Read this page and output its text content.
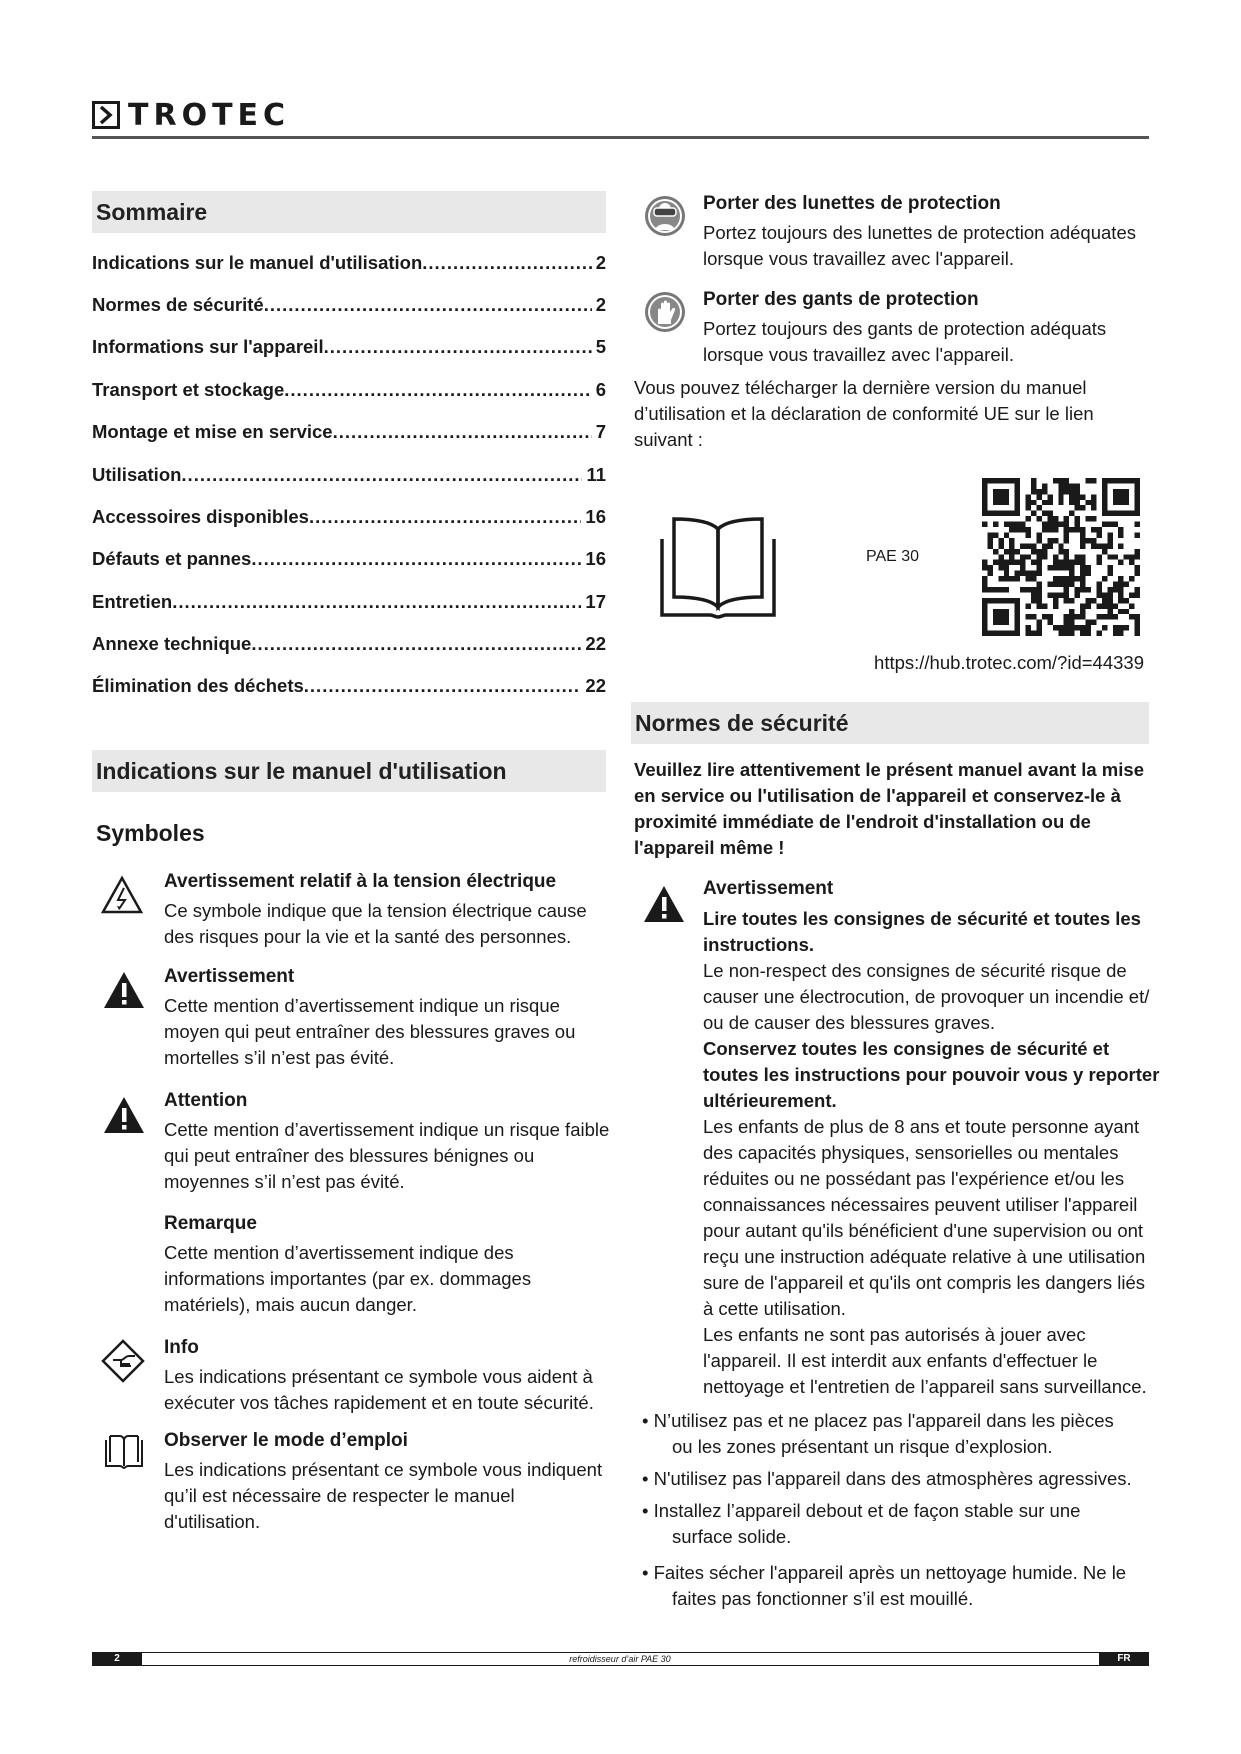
TROTEC
Sommaire
Indications sur le manuel d'utilisation .....	2
Normes de sécurité .....	2
Informations sur l'appareil .....	5
Transport et stockage .....	6
Montage et mise en service .....	7
Utilisation .....	11
Accessoires disponibles .....	16
Défauts et pannes .....	16
Entretien .....	17
Annexe technique .....	22
Élimination des déchets .....	22
Indications sur le manuel d'utilisation
Symboles
Avertissement relatif à la tension électrique
Ce symbole indique que la tension électrique cause
des risques pour la vie et la santé des personnes.
Avertissement
Cette mention d’avertissement indique un risque
moyen qui peut entraîner des blessures graves ou
mortelles s’il n’est pas évité.
Attention
Cette mention d’avertissement indique un risque faible
qui peut entraîner des blessures bénignes ou
moyennes s’il n’est pas évité.
Remarque
Cette mention d’avertissement indique des
informations importantes (par ex. dommages
matériels), mais aucun danger.
Info
Les indications présentant ce symbole vous aident à
exécuter vos tâches rapidement et en toute sécurité.
Observer le mode d’emploi
Les indications présentant ce symbole vous indiquent
qu’il est nécessaire de respecter le manuel
d'utilisation.
Porter des lunettes de protection
Portez toujours des lunettes de protection adéquates
lorsque vous travaillez avec l'appareil.
Porter des gants de protection
Portez toujours des gants de protection adéquats
lorsque vous travaillez avec l'appareil.
Vous pouvez télécharger la dernière version du manuel
d’utilisation et la déclaration de conformité UE sur le lien
suivant :
PAE 30
https://hub.trotec.com/?id=44339
Normes de sécurité
Veuillez lire attentivement le présent manuel avant la mise
en service ou l'utilisation de l'appareil et conservez-le à
proximité immédiate de l'endroit d'installation ou de
l'appareil même !
Avertissement
Lire toutes les consignes de sécurité et toutes les
instructions.
Le non-respect des consignes de sécurité risque de
causer une électrocution, de provoquer un incendie et/
ou de causer des blessures graves.
Conservez toutes les consignes de sécurité et
toutes les instructions pour pouvoir vous y reporter
ultérieurement.
Les enfants de plus de 8 ans et toute personne ayant
des capacités physiques, sensorielles ou mentales
réduites ou ne possédant pas l'expérience et/ou les
connaissances nécessaires peuvent utiliser l'appareil
pour autant qu'ils bénéficient d'une supervision ou ont
reçu une instruction adéquate relative à une utilisation
sure de l'appareil et qu'ils ont compris les dangers liés
à cette utilisation.
Les enfants ne sont pas autorisés à jouer avec
l'appareil. Il est interdit aux enfants d'effectuer le
nettoyage et l'entretien de l’appareil sans surveillance.
• N’utilisez pas et ne placez pas l'appareil dans les pièces
ou les zones présentant un risque d’explosion.
• N'utilisez pas l'appareil dans des atmosphères agressives.
• Installez l’appareil debout et de façon stable sur une
surface solide.
• Faites sécher l'appareil après un nettoyage humide. Ne le
faites pas fonctionner s’il est mouillé.
2	refroidisseur d’air PAE 30	FR
